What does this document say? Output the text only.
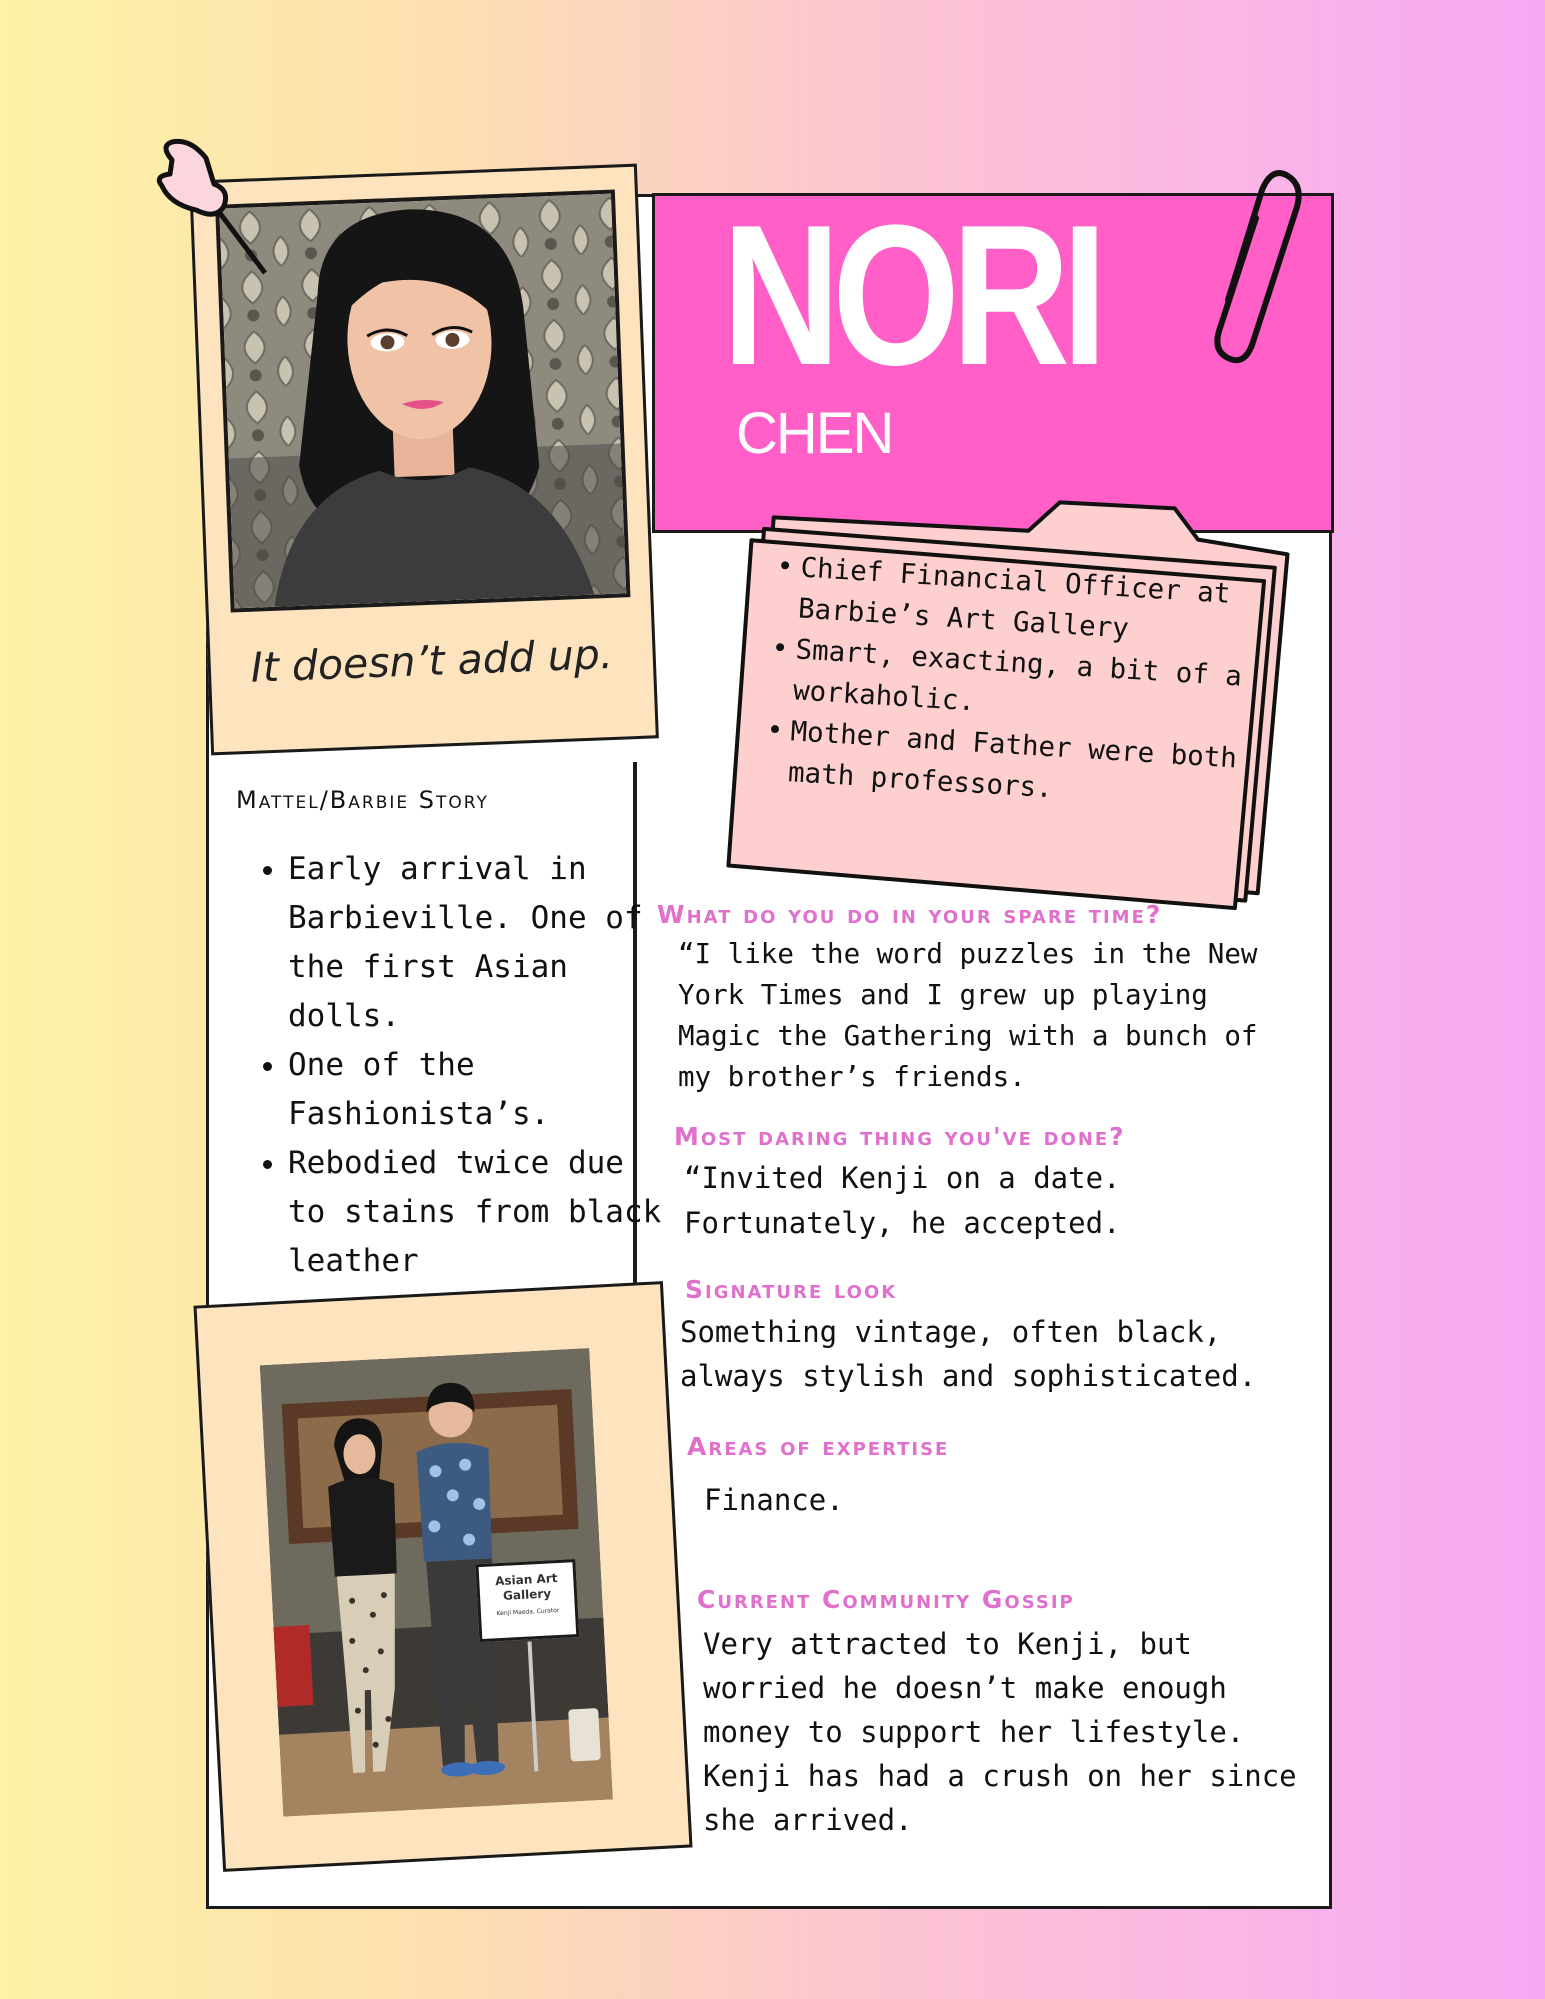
NORI
CHEN
It doesn’t add up.
Mattel/Barbie Story
• Early arrival in Barbieville. One of the first Asian dolls.
• One of the Fashionista’s.
• Rebodied twice due to stains from black leather
• Chief Financial Officer at Barbie’s Art Gallery
• Smart, exacting, a bit of a workaholic.
• Mother and Father were both math professors.
What do you do in your spare time?
“I like the word puzzles in the New York Times and I grew up playing Magic the Gathering with a bunch of my brother’s friends.
Most daring thing you've done?
“Invited Kenji on a date. Fortunately, he accepted.
Signature look
Something vintage, often black, always stylish and sophisticated.
Areas of expertise
Finance.
Current Community Gossip
Very attracted to Kenji, but worried he doesn’t make enough money to support her lifestyle. Kenji has had a crush on her since she arrived.
Asian Art Gallery
Kenji Maeda, Curator
